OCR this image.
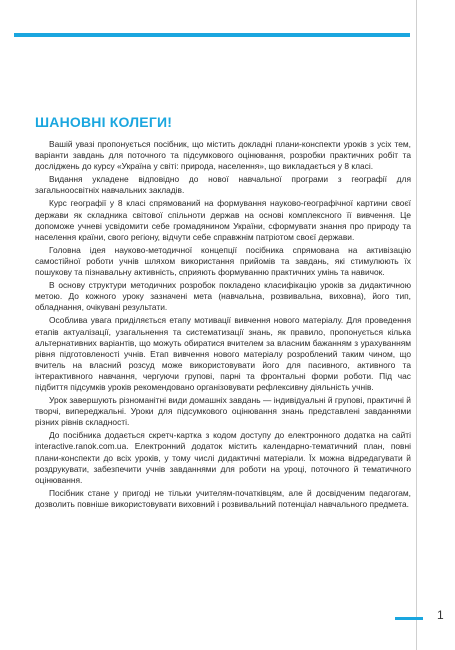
ШАНОВНІ КОЛЕГИ!

Вашій увазі пропонується посібник, що містить докладні плани-конспекти уроків з усіх тем, варіанти завдань для поточного та підсумкового оцінювання, розробки практичних робіт та досліджень до курсу «Україна у світі: природа, населення», що викладається у 8 класі.

Видання укладене відповідно до нової навчальної програми з географії для загальноосвітніх навчальних закладів.

Курс географії у 8 класі спрямований на формування науково-географічної картини своєї держави як складника світової спільноти держав на основі комплексного її вивчення. Це допоможе учневі усвідомити себе громадянином України, сформувати знання про природу та населення країни, свого регіону, відчути себе справжнім патріотом своєї держави.

Головна ідея науково-методичної концепції посібника спрямована на активізацію самостійної роботи учнів шляхом використання прийомів та завдань, які стимулюють їх пошукову та пізнавальну активність, сприяють формуванню практичних умінь та навичок.

В основу структури методичних розробок покладено класифікацію уроків за дидактичною метою. До кожного уроку зазначені мета (навчальна, розвивальна, виховна), його тип, обладнання, очікувані результати.

Особлива увага приділяється етапу мотивації вивчення нового матеріалу. Для проведення етапів актуалізації, узагальнення та систематизації знань, як правило, пропонується кілька альтернативних варіантів, що можуть обиратися вчителем за власним бажанням з урахуванням рівня підготовленості учнів. Етап вивчення нового матеріалу розроблений таким чином, що вчитель на власний розсуд може використовувати його для пасивного, активного та інтерактивного навчання, чергуючи групові, парні та фронтальні форми роботи. Під час підбиття підсумків уроків рекомендовано організовувати рефлексивну діяльність учнів.

Урок завершують різноманітні види домашніх завдань — індивідуальні й групові, практичні й творчі, випереджальні. Уроки для підсумкового оцінювання знань представлені завданнями різних рівнів складності.

До посібника додається скретч-картка з кодом доступу до електронного додатка на сайті interactive.ranok.com.ua. Електронний додаток містить календарно-тематичний план, повні плани-конспекти до всіх уроків, у тому числі дидактичні матеріали. Їх можна відредагувати й роздрукувати, забезпечити учнів завданнями для роботи на уроці, поточного й тематичного оцінювання.

Посібник стане у пригоді не тільки учителям-початківцям, але й досвідченим педагогам, дозволить повніше використовувати виховний і розвивальний потенціал навчального предмета.

1
